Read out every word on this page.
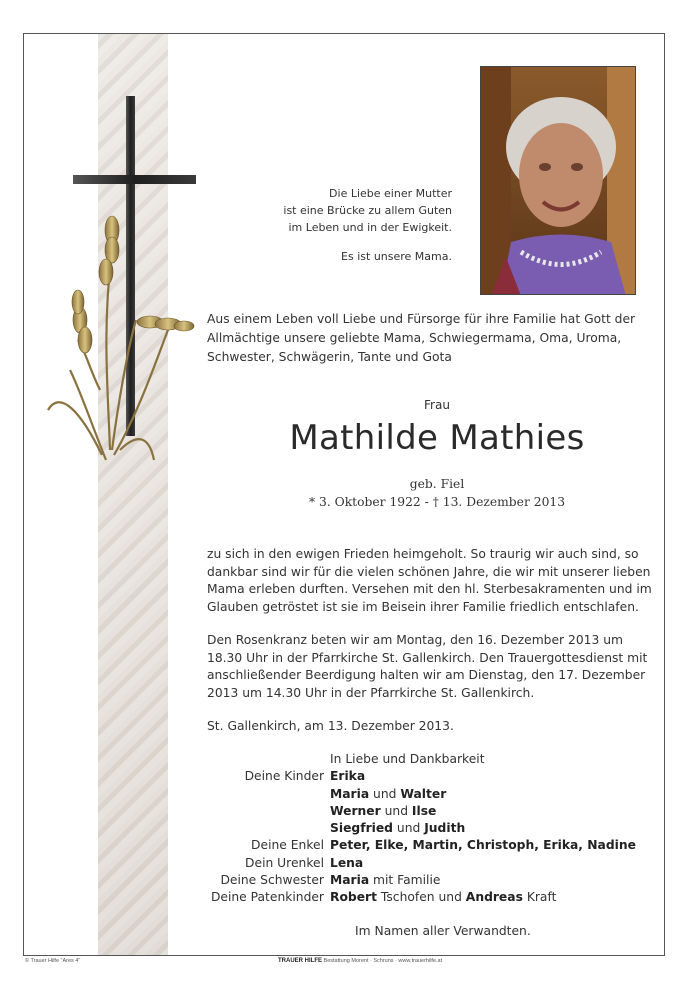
Die Liebe einer Mutter

ist eine Brücke zu allem Guten

im Leben und in der Ewigkeit.

Es ist unsere Mama.

Aus einem Leben voll Liebe und Fürsorge für ihre Familie hat Gott der Allmächtige unsere geliebte Mama, Schwiegermama, Oma, Uroma, Schwester, Schwägerin, Tante und Gota
Frau
Mathilde Mathies
geb. Fiel
* 3. Oktober 1922 - † 13. Dezember 2013
zu sich in den ewigen Frieden heimgeholt. So traurig wir auch sind, so dankbar sind wir für die vielen schönen Jahre, die wir mit unserer lieben Mama erleben durften. Versehen mit den hl. Sterbesakramenten und im Glauben getröstet ist sie im Beisein ihrer Familie friedlich entschlafen.
Den Rosenkranz beten wir am Montag, den 16. Dezember 2013 um 18.30 Uhr in der Pfarrkirche St. Gallenkirch. Den Trauergottesdienst mit anschließender Beerdigung halten wir am Dienstag, den 17. Dezember 2013 um 14.30 Uhr in der Pfarrkirche St. Gallenkirch.
St. Gallenkirch, am 13. Dezember 2013.
In Liebe und Dankbarkeit
Deine Kinder Erika
Maria und Walter
Werner und Ilse
Siegfried und Judith
Deine Enkel Peter, Elke, Martin, Christoph, Erika, Nadine
Dein Urenkel Lena
Deine Schwester Maria mit Familie
Deine Patenkinder Robert Tschofen und Andreas Kraft
Im Namen aller Verwandten.
© Trauer Hilfe "Ares 4"	TRAUER HILFE Bestattung Morent · Schruns · www.trauerhilfe.at
